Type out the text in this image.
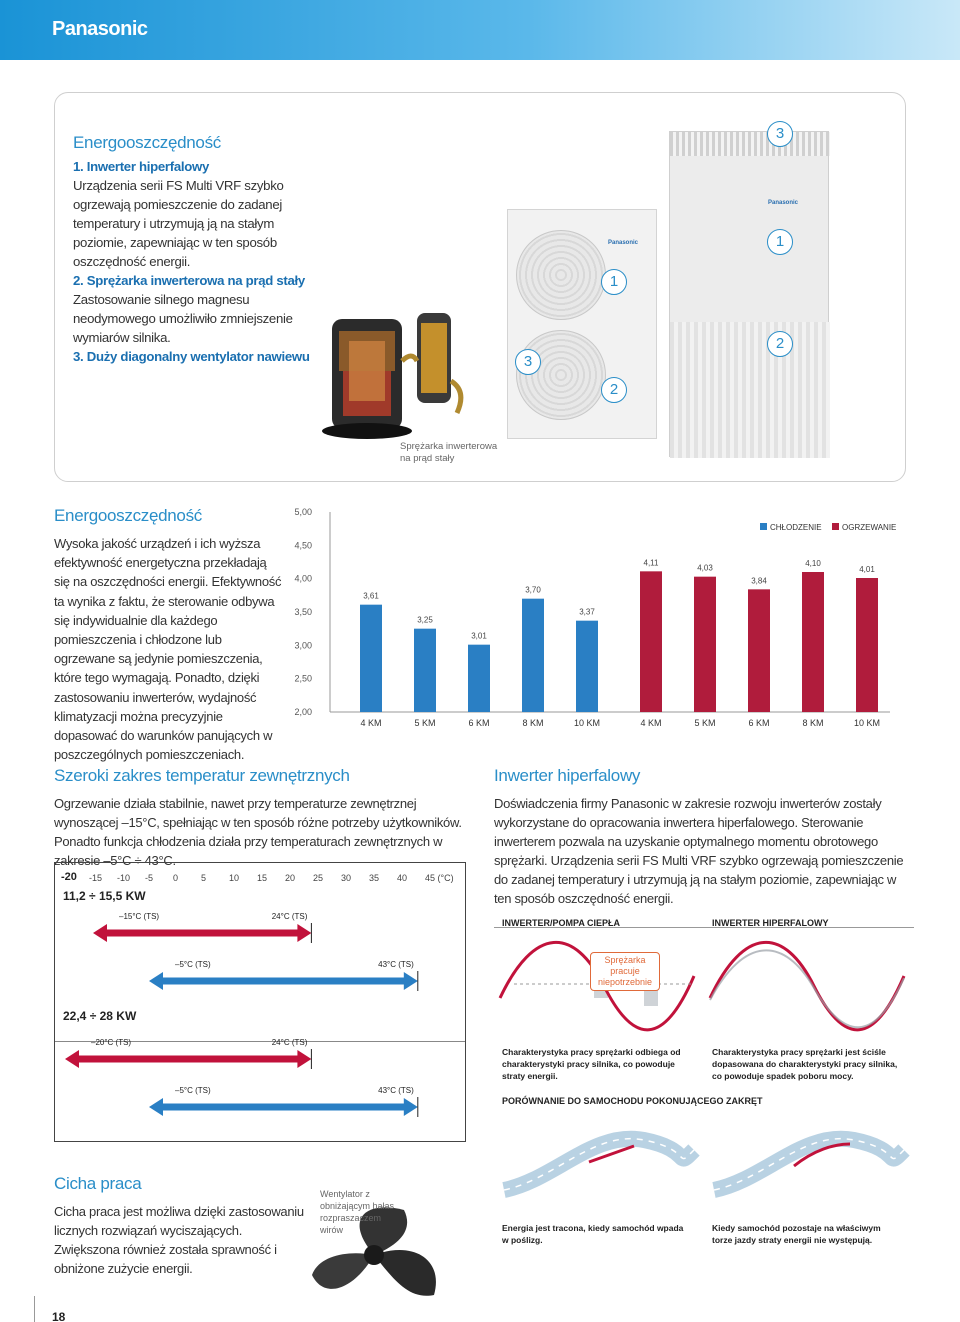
Panasonic
Energooszczędność
1. Inwerter hiperfalowy
Urządzenia serii FS Multi VRF szybko ogrzewają pomieszczenie do zadanej temperatury i utrzymują ją na stałym poziomie, zapewniając w ten sposób oszczędność energii.
2. Sprężarka inwerterowa na prąd stały
Zastosowanie silnego magnesu neodymowego umożliwiło zmniejszenie wymiarów silnika.
3. Duży diagonalny wentylator nawiewu
Sprężarka inwerterowa
na prąd stały
Panasonic
Panasonic
1
2
3
1
2
3
Energooszczędność
Wysoka jakość urządzeń i ich wyższa efektywność energetyczna przekładają się na oszczędności energii. Efektywność ta wynika z faktu, że sterowanie odbywa się indywidualnie dla każdego pomieszczenia i chłodzone lub ogrzewane są jedynie pomieszczenia, które tego wymagają. Ponadto, dzięki zastosowaniu inwerterów, wydajność klimatyzacji można precyzyjnie dopasować do warunków panujących w poszczególnych pomieszczeniach.
5,00
4,50
4,00
3,50
3,00
2,50
2,00
3,61
4 KM
3,25
5 KM
3,01
6 KM
3,70
8 KM
3,37
10 KM
4,11
4 KM
4,03
5 KM
3,84
6 KM
4,10
8 KM
4,01
10 KM
CHŁODZENIE	OGRZEWANIE
Szeroki zakres temperatur zewnętrznych
Ogrzewanie działa stabilnie, nawet przy temperaturze zewnętrznej wynoszącej –15°C, spełniając w ten sposób różne potrzeby użytkowników. Ponadto funkcja chłodzenia działa przy temperaturach zewnętrznych w zakresie –5°C ÷ 43°C.
-20 -15 -10 -5 0	5	10 15 20 25 30 35 40 45 (°C)
11,2 ÷ 15,5 KW
22,4 ÷ 28 KW
–15°C (TS)	24°C (TS)
–5°C (TS)	43°C (TS)
–20°C (TS)	24°C (TS)
–5°C (TS)	43°C (TS)
Inwerter hiperfalowy
Doświadczenia firmy Panasonic w zakresie rozwoju inwerterów zostały wykorzystane do opracowania inwertera hiperfalowego. Sterowanie inwerterem pozwala na uzyskanie optymalnego momentu obrotowego sprężarki. Urządzenia serii FS Multi VRF szybko ogrzewają pomieszczenie do zadanej temperatury i utrzymują ją na stałym poziomie, zapewniając w ten sposób oszczędność energii.
INWERTER/POMPA CIEPŁA	INWERTER HIPERFALOWY
Sprężarka pracuje niepotrzebnie
Charakterystyka pracy sprężarki odbiega od charakterystyki pracy silnika, co powoduje straty energii.
Charakterystyka pracy sprężarki jest ściśle dopasowana do charakterystyki pracy silnika, co powoduje spadek poboru mocy.
PORÓWNANIE DO SAMOCHODU POKONUJĄCEGO ZAKRĘT
Energia jest tracona, kiedy samochód wpada w poślizg.
Kiedy samochód pozostaje na właściwym torze jazdy straty energii nie występują.
Cicha praca
Cicha praca jest możliwa dzięki zastosowaniu licznych rozwiązań wyciszających. Zwiększona również została sprawność i obniżone zużycie energii.
Wentylator z obniżającym hałas rozpraszaczem wirów
18
